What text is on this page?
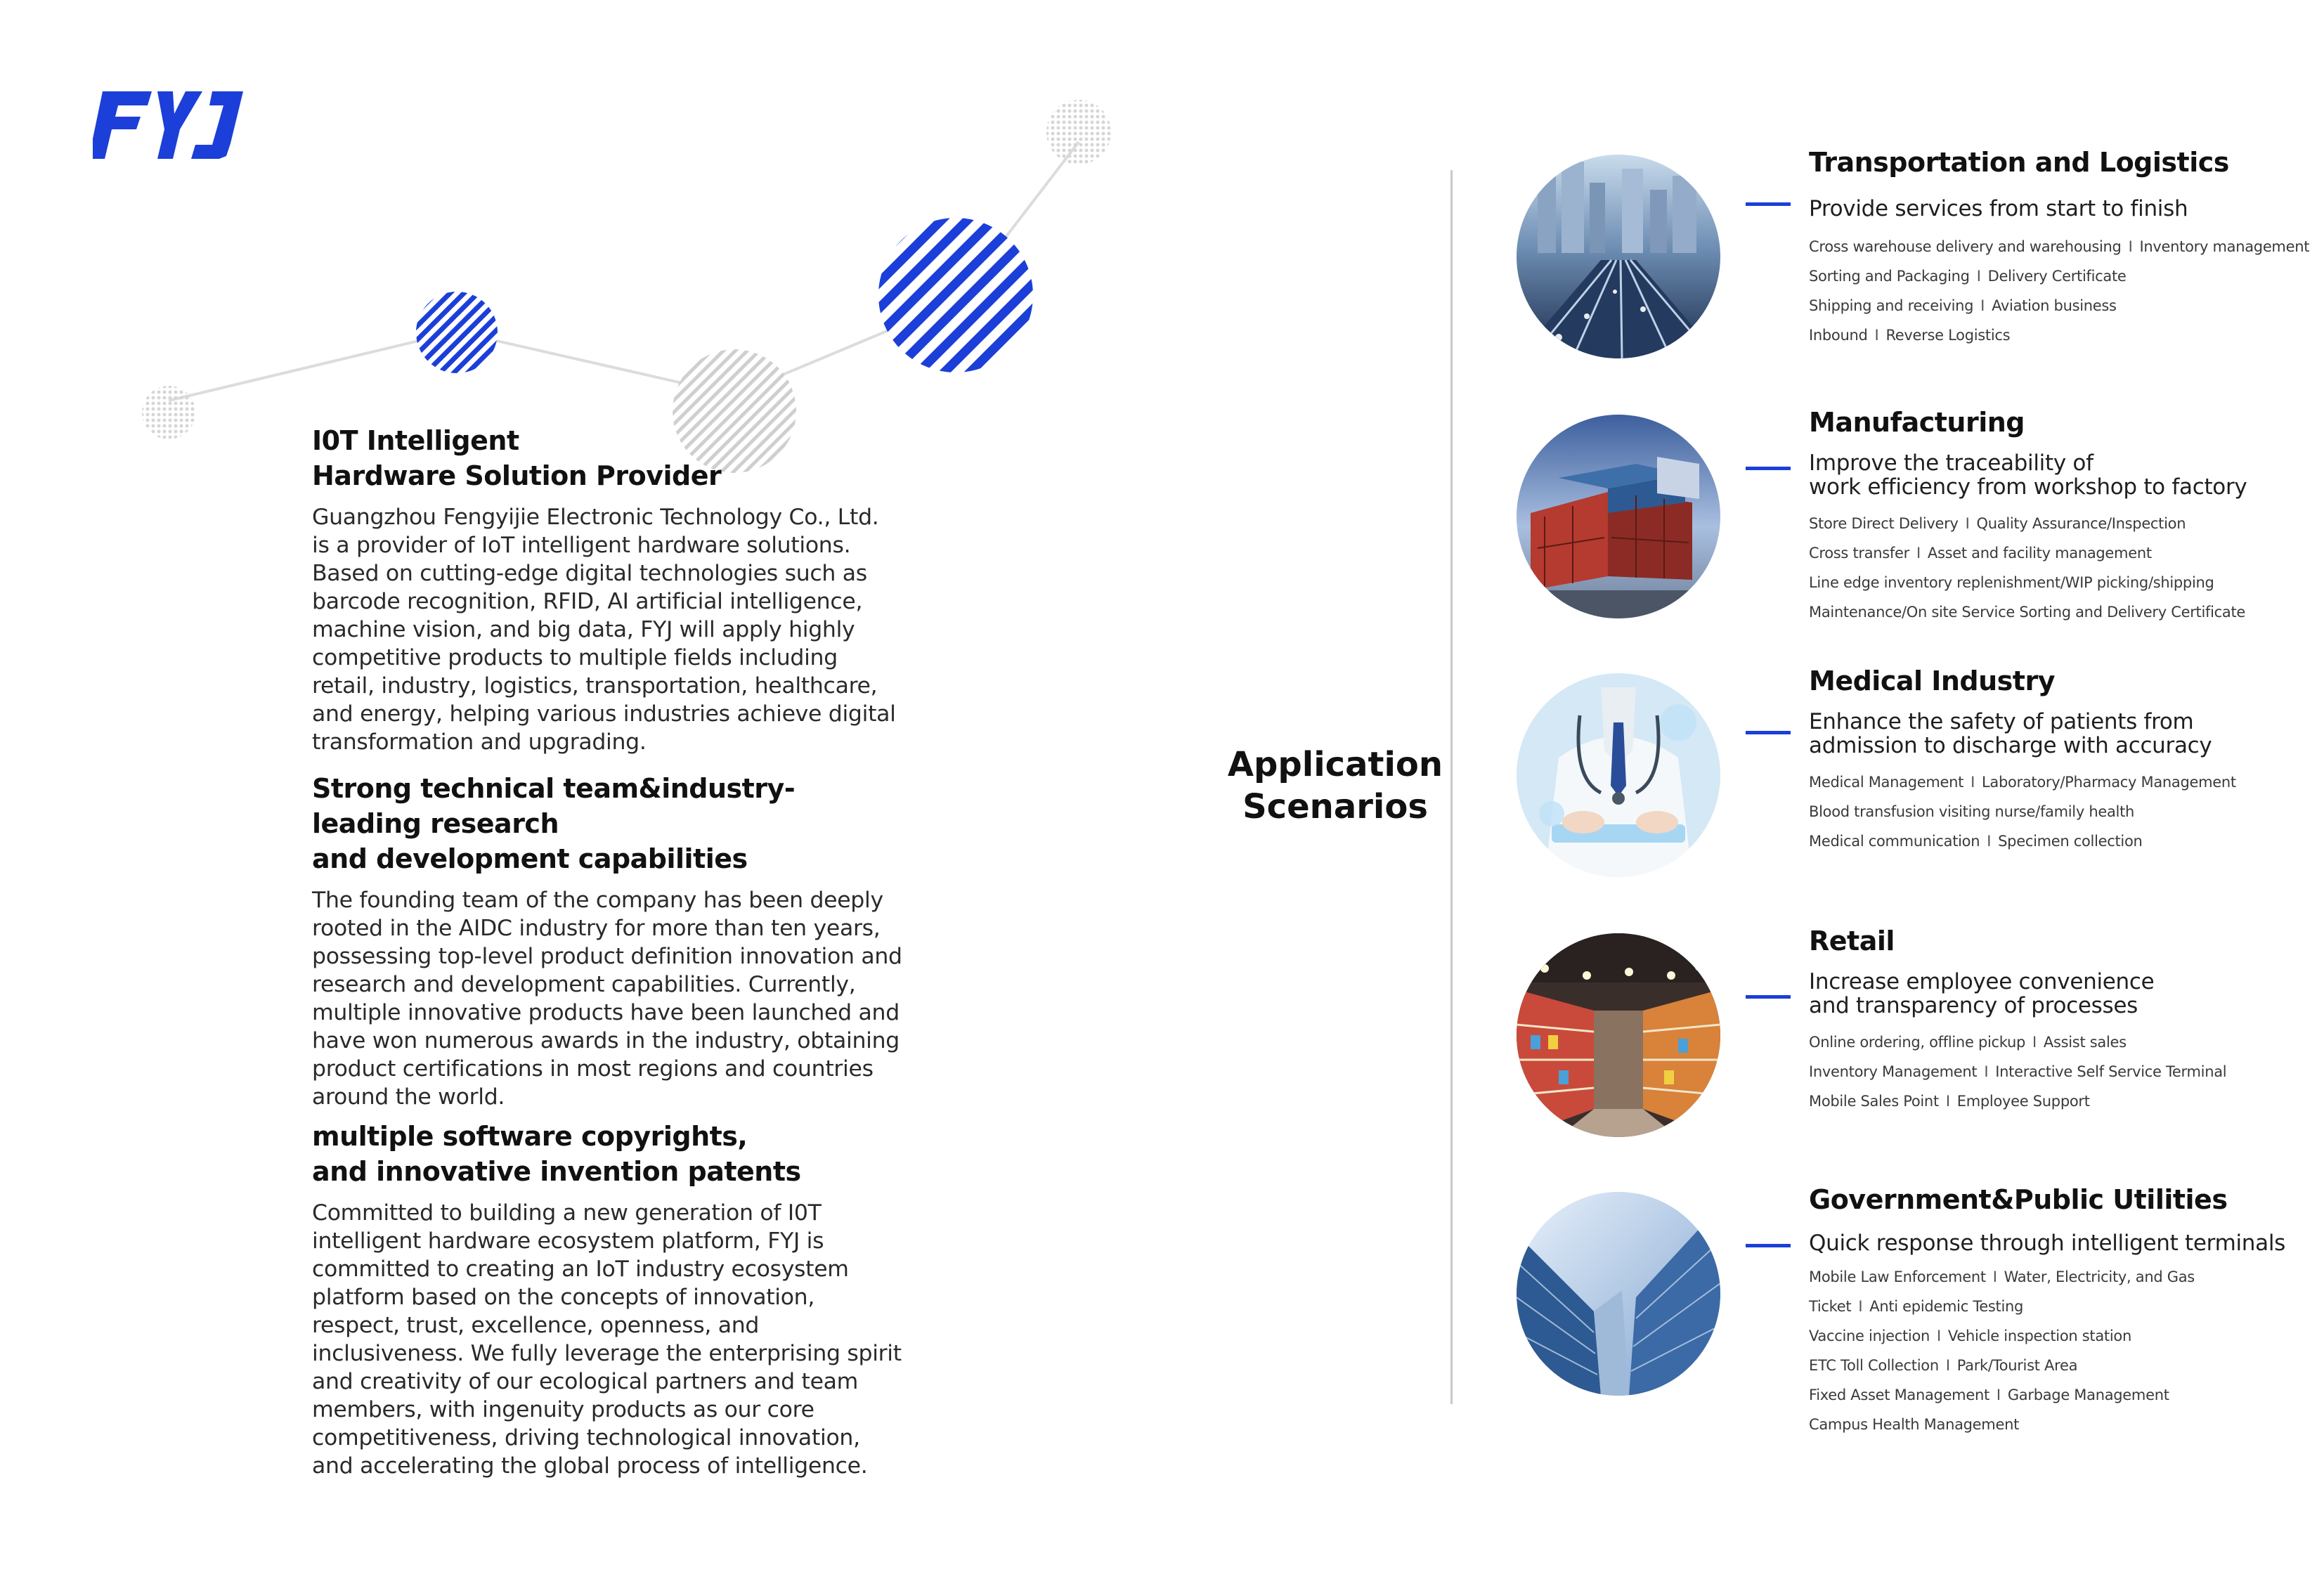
I0T Intelligent
Hardware Solution Provider

Guangzhou Fengyijie Electronic Technology Co., Ltd. is a provider of IoT intelligent hardware solutions. Based on cutting-edge digital technologies such as barcode recognition, RFID, AI artificial intelligence, machine vision, and big data, FYJ will apply highly competitive products to multiple fields including retail, industry, logistics, transportation, healthcare, and energy, helping various industries achieve digital transformation and upgrading.

Strong technical team&industry-leading research
and development capabilities

The founding team of the company has been deeply rooted in the AIDC industry for more than ten years, possessing top-level product definition innovation and research and development capabilities. Currently, multiple innovative products have been launched and have won numerous awards in the industry, obtaining product certifications in most regions and countries around the world.

multiple software copyrights,
and innovative invention patents

Committed to building a new generation of I0T intelligent hardware ecosystem platform, FYJ is committed to creating an IoT industry ecosystem platform based on the concepts of innovation, respect, trust, excellence, openness, and inclusiveness. We fully leverage the enterprising spirit and creativity of our ecological partners and team members, with ingenuity products as our core competitiveness, driving technological innovation, and accelerating the global process of intelligence.

Application
Scenarios
Transportation and Logistics
Provide services from start to finish
Cross warehouse delivery and warehousing I Inventory management
Sorting and Packaging I Delivery Certificate
Shipping and receiving I Aviation business
Inbound I Reverse Logistics
Manufacturing
Improve the traceability of
work efficiency from workshop to factory
Store Direct Delivery I Quality Assurance/Inspection
Cross transfer I Asset and facility management
Line edge inventory replenishment/WIP picking/shipping
Maintenance/On site Service Sorting and Delivery Certificate
Medical Industry
Enhance the safety of patients from
admission to discharge with accuracy
Medical Management I Laboratory/Pharmacy Management
Blood transfusion visiting nurse/family health
Medical communication I Specimen collection
Retail
Increase employee convenience
and transparency of processes
Online ordering, offline pickup I Assist sales
Inventory Management I Interactive Self Service Terminal
Mobile Sales Point I Employee Support
Government&Public Utilities
Quick response through intelligent terminals
Mobile Law Enforcement I Water, Electricity, and Gas
Ticket I Anti epidemic Testing
Vaccine injection I Vehicle inspection station
ETC Toll Collection I Park/Tourist Area
Fixed Asset Management I Garbage Management
Campus Health Management
